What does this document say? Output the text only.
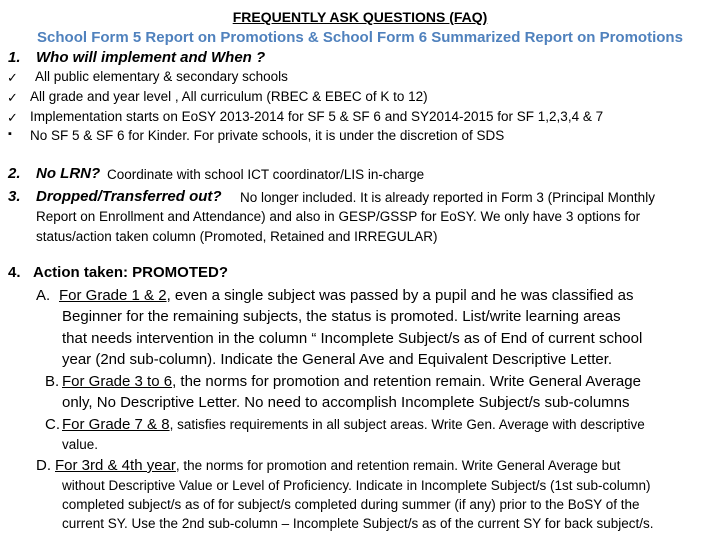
FREQUENTLY ASK QUESTIONS (FAQ)
School Form 5 Report on Promotions & School Form 6 Summarized Report on Promotions
1. Who will implement and When ?
✓ All public elementary & secondary schools
✓ All grade and year level , All curriculum (RBEC & EBEC of K to 12)
✓ Implementation starts on EoSY 2013-2014 for SF 5 & SF 6 and SY2014-2015 for SF 1,2,3,4 & 7
▪ No SF 5 & SF 6 for Kinder. For private schools, it is under the discretion of SDS
2. No LRN? Coordinate with school ICT coordinator/LIS in-charge
3. Dropped/Transferred out? No longer included. It is already reported in Form 3 (Principal Monthly
Report on Enrollment and Attendance) and also in GESP/GSSP for EoSY. We only have 3 options for
status/action taken column (Promoted, Retained and IRREGULAR)
4. Action taken: PROMOTED?
A. For Grade 1 & 2, even a single subject was passed by a pupil and he was classified as
Beginner for the remaining subjects, the status is promoted. List/write learning areas
that needs intervention in the column “ Incomplete Subject/s as of End of current school
year (2nd sub-column). Indicate the General Ave and Equivalent Descriptive Letter.
B. For Grade 3 to 6, the norms for promotion and retention remain. Write General Average
only, No Descriptive Letter. No need to accomplish Incomplete Subject/s sub-columns
C. For Grade 7 & 8, satisfies requirements in all subject areas. Write Gen. Average with descriptive
value.
D. For 3rd & 4th year, the norms for promotion and retention remain. Write General Average but
without Descriptive Value or Level of Proficiency. Indicate in Incomplete Subject/s (1st sub-column)
completed subject/s as of for subject/s completed during summer (if any) prior to the BoSY of the
current SY. Use the 2nd sub-column – Incomplete Subject/s as of the current SY for back subject/s.
